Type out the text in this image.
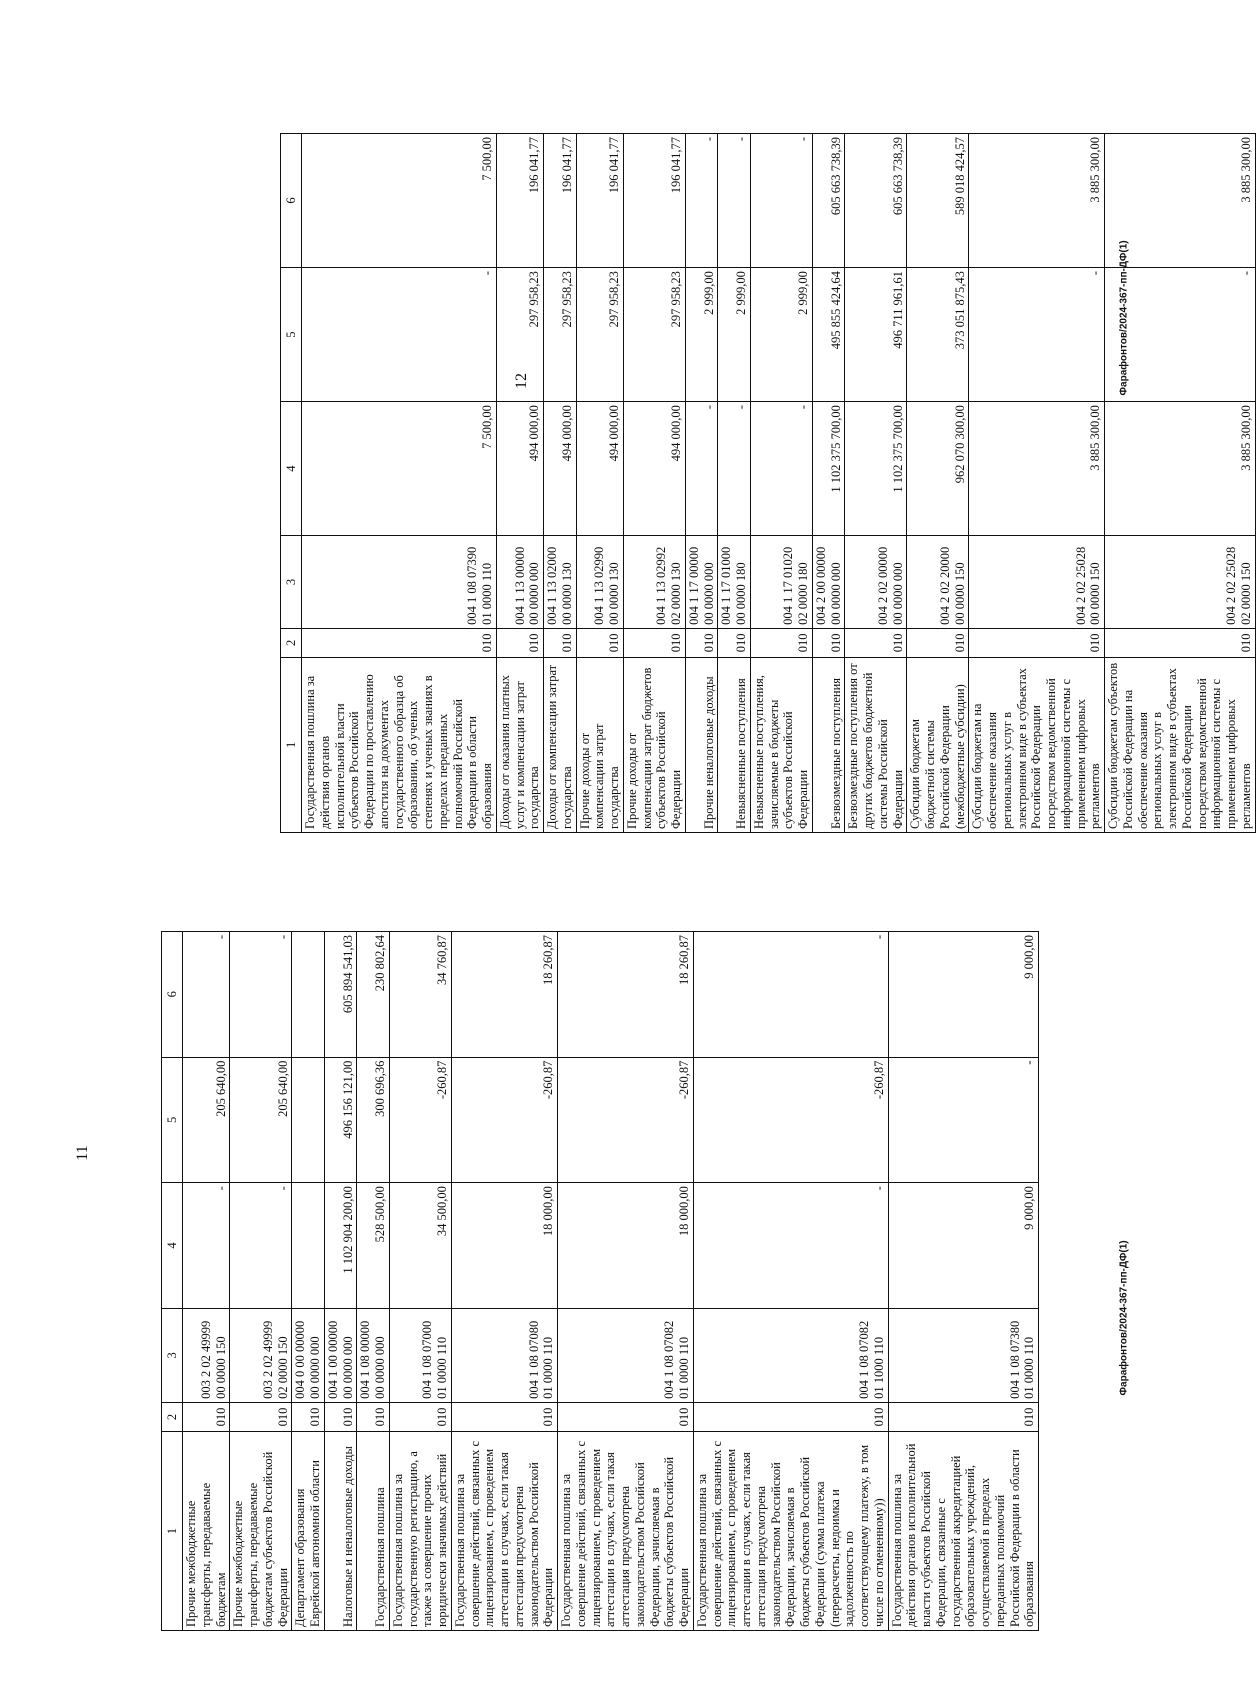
1	2	3	4	5	6
Прочие межбюджетные трансферты, передаваемые бюджетам	010	003 2 02 49999
00 0000 150	-	205 640,00	-
Прочие межбюджетные трансферты, передаваемые бюджетам субъектов Российской Федерации	010	003 2 02 49999
02 0000 150	-	205 640,00	-
Департамент образования Еврейской автономной области	010	004 0 00 00000
00 0000 000			
Налоговые и неналоговые доходы	010	004 1 00 00000
00 0000 000	1 102 904 200,00	496 156 121,00	605 894 541,03
Государственная пошлина	010	004 1 08 00000
00 0000 000	528 500,00	300 696,36	230 802,64
Государственная пошлина за государственную регистрацию, а также за совершение прочих юридически значимых действий	010	004 1 08 07000
01 0000 110	34 500,00	-260,87	34 760,87
Государственная пошлина за совершение действий, связанных с лицензированием, с проведением аттестации в случаях, если такая аттестация предусмотрена законодательством Российской Федерации	010	004 1 08 07080
01 0000 110	18 000,00	-260,87	18 260,87
Государственная пошлина за совершение действий, связанных с лицензированием, с проведением аттестации в случаях, если такая аттестация предусмотрена законодательством Российской Федерации, зачисляемая в бюджеты субъектов Российской Федерации	010	004 1 08 07082
01 0000 110	18 000,00	-260,87	18 260,87
Государственная пошлина за совершение действий, связанных с лицензированием, с проведением аттестации в случаях, если такая аттестация предусмотрена законодательством Российской Федерации, зачисляемая в бюджеты субъектов Российской Федерации (сумма платежа (перерасчеты, недоимка и задолженность по соответствующему платежу, в том числе по отмененному))	010	004 1 08 07082
01 1000 110	-	-260,87	-
Государственная пошлина за действия органов исполнительной власти субъектов Российской Федерации, связанные с государственной аккредитацией образовательных учреждений, осуществляемой в пределах переданных полномочий Российской Федерации в области образования	010	004 1 08 07380
01 0000 110	9 000,00	-	9 000,00
11
Фарафонтов/2024-367-пп-ДФ(1)
1	2	3	4	5	6
Государственная пошлина за действия органов исполнительной власти субъектов Российской Федерации по проставлению апостиля на документах государственного образца об образовании, об ученых степенях и ученых званиях в пределах переданных полномочий Российской Федерации в области образования	010	004 1 08 07390
01 0000 110	7 500,00	-	7 500,00
Доходы от оказания платных услуг и компенсации затрат государства	010	004 1 13 00000
00 0000 000	494 000,00	297 958,23	196 041,77
Доходы от компенсации затрат государства	010	004 1 13 02000
00 0000 130	494 000,00	297 958,23	196 041,77
Прочие доходы от компенсации затрат государства	010	004 1 13 02990
00 0000 130	494 000,00	297 958,23	196 041,77
Прочие доходы от компенсации затрат бюджетов субъектов Российской Федерации	010	004 1 13 02992
02 0000 130	494 000,00	297 958,23	196 041,77
Прочие неналоговые доходы	010	004 1 17 00000
00 0000 000	-	2 999,00	-
Невыясненные поступления	010	004 1 17 01000
00 0000 180	-	2 999,00	-
Невыясненные поступления, зачисляемые в бюджеты субъектов Российской Федерации	010	004 1 17 01020
02 0000 180	-	2 999,00	-
Безвозмездные поступления	010	004 2 00 00000
00 0000 000	1 102 375 700,00	495 855 424,64	605 663 738,39
Безвозмездные поступления от других бюджетов бюджетной системы Российской Федерации	010	004 2 02 00000
00 0000 000	1 102 375 700,00	496 711 961,61	605 663 738,39
Субсидии бюджетам бюджетной системы Российской Федерации (межбюджетные субсидии)	010	004 2 02 20000
00 0000 150	962 070 300,00	373 051 875,43	589 018 424,57
Субсидии бюджетам на обеспечение оказания региональных услуг в электронном виде в субъектах Российской Федерации посредством ведомственной информационной системы с применением цифровых регламентов	010	004 2 02 25028
00 0000 150	3 885 300,00	-	3 885 300,00
Субсидии бюджетам субъектов Российской Федерации на обеспечение оказания региональных услуг в электронном виде в субъектах Российской Федерации посредством ведомственной информационной системы с применением цифровых регламентов	010	004 2 02 25028
02 0000 150	3 885 300,00	-	3 885 300,00
12	Фарафонтов/2024-367-пп-ДФ(1)
